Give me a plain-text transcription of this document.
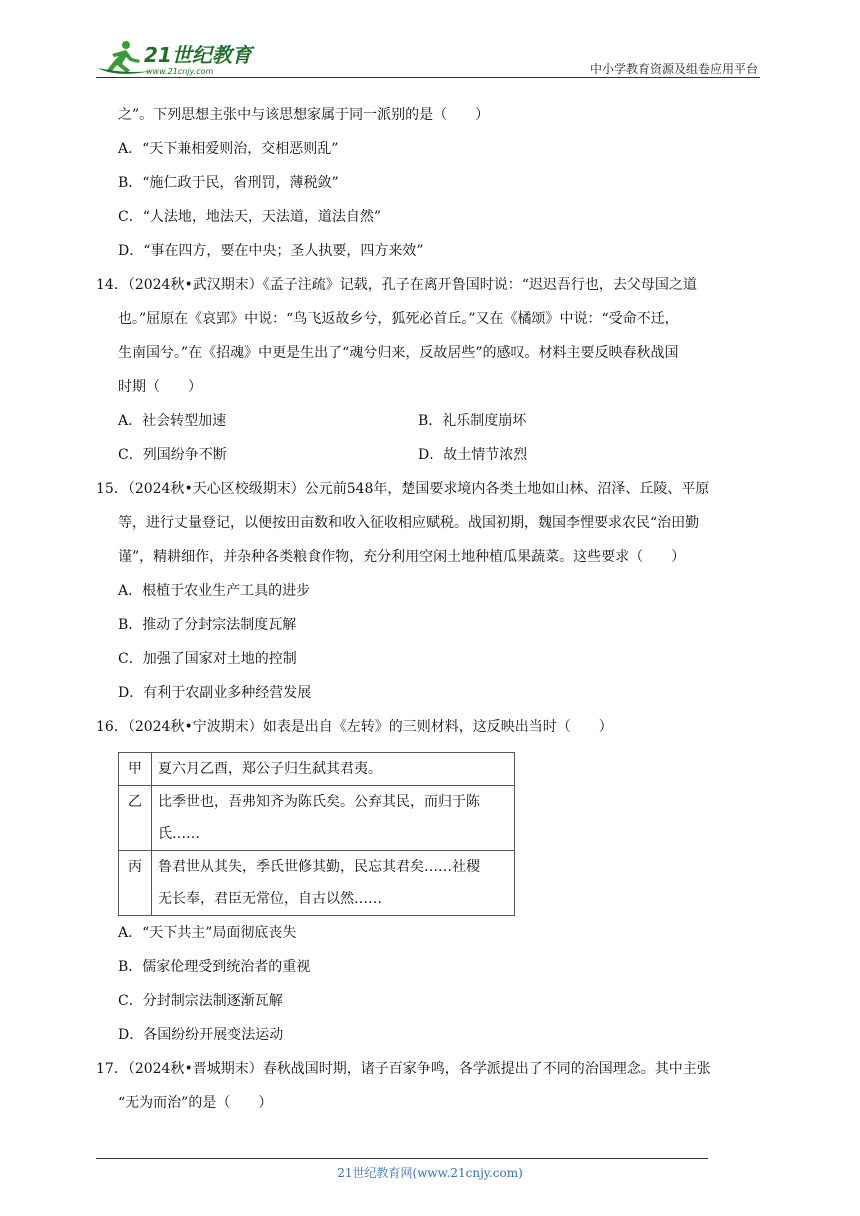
21世纪教育
www.21cnjy.com	中小学教育资源及组卷应用平台
之”。下列思想主张中与该思想家属于同一派别的是（　　）
A．“天下兼相爱则治，交相恶则乱”
B．“施仁政于民，省刑罚，薄税敛”
C．“人法地，地法天，天法道，道法自然”
D．“事在四方，要在中央；圣人执要，四方来效”
14．（2024秋•武汉期末）《孟子注疏》记载，孔子在离开鲁国时说：“迟迟吾行也，去父母国之道
也。”屈原在《哀郢》中说：“鸟飞返故乡兮，狐死必首丘。”又在《橘颂》中说：“受命不迁，
生南国兮。”在《招魂》中更是生出了“魂兮归来，反故居些”的感叹。材料主要反映春秋战国
时期（　　）
A．社会转型加速	B．礼乐制度崩坏
C．列国纷争不断	D．故土情节浓烈
15．（2024秋•天心区校级期末）公元前548年，楚国要求境内各类土地如山林、沼泽、丘陵、平原
等，进行丈量登记，以便按田亩数和收入征收相应赋税。战国初期，魏国李悝要求农民“治田勤
谨”，精耕细作，并杂种各类粮食作物，充分利用空闲土地种植瓜果蔬菜。这些要求（　　）
A．根植于农业生产工具的进步
B．推动了分封宗法制度瓦解
C．加强了国家对土地的控制
D．有利于农副业多种经营发展
16．（2024秋•宁波期末）如表是出自《左转》的三则材料，这反映出当时（　　）
甲	夏六月乙酉，郑公子归生弑其君夷。
乙	比季世也，吾弗知齐为陈氏矣。公弃其民，而归于陈
氏……

丙	鲁君世从其失，季氏世修其勤，民忘其君矣……社稷
无长奉，君臣无常位，自古以然……
A．“天下共主”局面彻底丧失
B．儒家伦理受到统治者的重视
C．分封制宗法制逐渐瓦解
D．各国纷纷开展变法运动
17．（2024秋•晋城期末）春秋战国时期，诸子百家争鸣，各学派提出了不同的治国理念。其中主张
“无为而治”的是（　　）
21世纪教育网(www.21cnjy.com)
